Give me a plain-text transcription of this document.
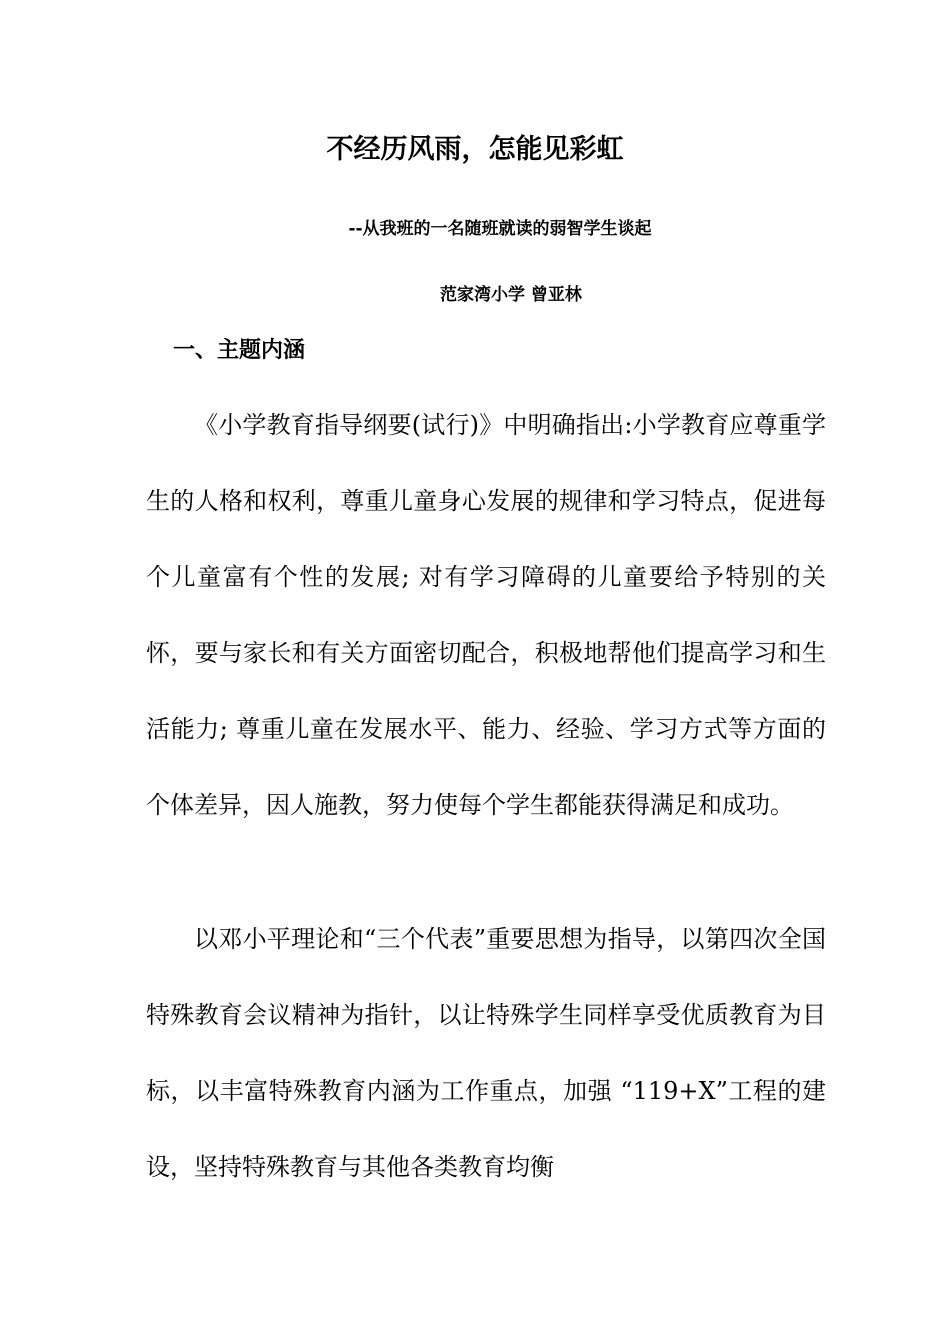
不经历风雨，怎能见彩虹
--从我班的一名随班就读的弱智学生谈起
范家湾小学 曾亚林
一、主题内涵

《小学教育指导纲要(试行)》中明确指出:小学教育应尊重学生的人格和权利，尊重儿童身心发展的规律和学习特点，促进每个儿童富有个性的发展; 对有学习障碍的儿童要给予特别的关怀，要与家长和有关方面密切配合，积极地帮他们提高学习和生活能力; 尊重儿童在发展水平、能力、经验、学习方式等方面的个体差异，因人施教，努力使每个学生都能获得满足和成功。

以邓小平理论和“三个代表”重要思想为指导，以第四次全国特殊教育会议精神为指针，以让特殊学生同样享受优质教育为目标，以丰富特殊教育内涵为工作重点，加强 “119+X”工程的建设，坚持特殊教育与其他各类教育均衡
